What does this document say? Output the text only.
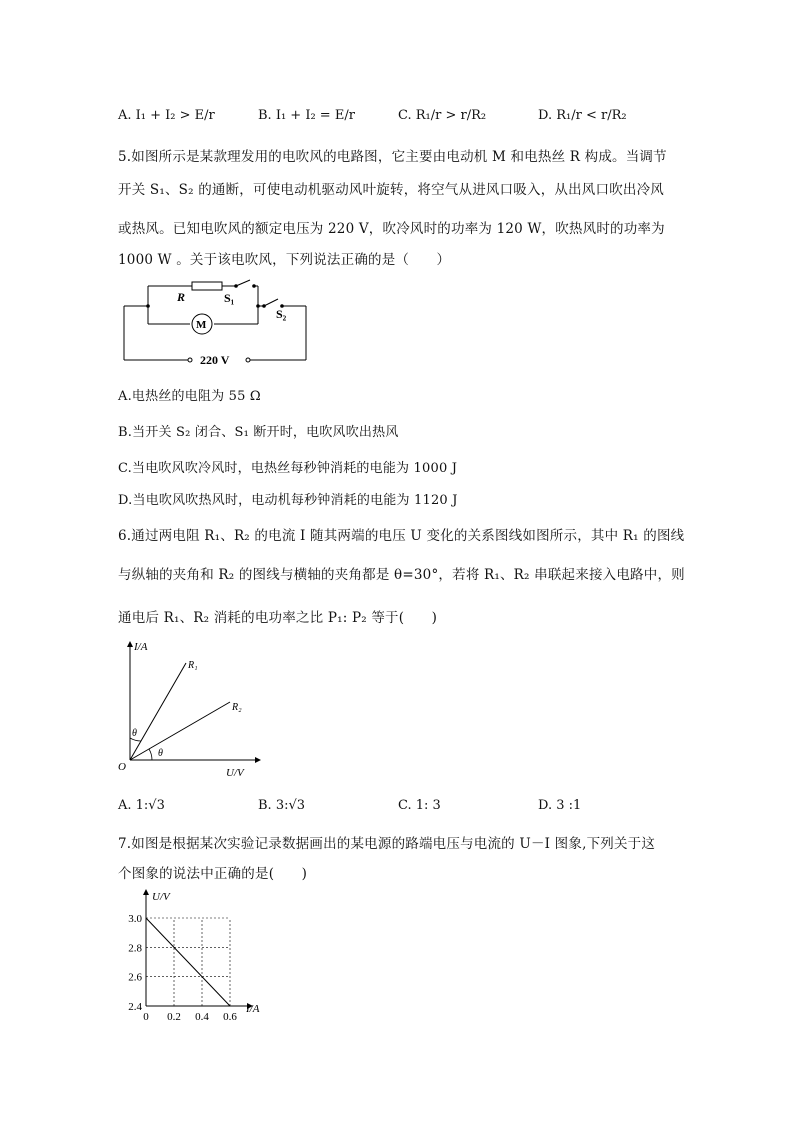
A. I₁ + I₂ > E/r	B. I₁ + I₂ = E/r	C. R₁/r > r/R₂	D. R₁/r < r/R₂
5.如图所示是某款理发用的电吹风的电路图，它主要由电动机 M 和电热丝 R 构成。当调节
开关 S₁、S₂ 的通断，可使电动机驱动风叶旋转，将空气从进风口吸入，从出风口吹出冷风
或热风。已知电吹风的额定电压为 220 V，吹冷风时的功率为 120 W，吹热风时的功率为
1000 W 。关于该电吹风，下列说法正确的是（　　）
R	S₁
S₂
M
220 V
A.电热丝的电阻为 55 Ω
B.当开关 S₂ 闭合、S₁ 断开时，电吹风吹出热风
C.当电吹风吹冷风时，电热丝每秒钟消耗的电能为 1000 J
D.当电吹风吹热风时，电动机每秒钟消耗的电能为 1120 J
6.通过两电阻 R₁、R₂ 的电流 I 随其两端的电压 U 变化的关系图线如图所示，其中 R₁ 的图线
与纵轴的夹角和 R₂ 的图线与横轴的夹角都是 θ=30°，若将 R₁、R₂ 串联起来接入电路中，则
通电后 R₁、R₂ 消耗的电功率之比 P₁: P₂ 等于(　　)
I/A
U/V
O
R₁
R₂
θ
θ
A. 1:√3	B. 3:√3	C. 1: 3	D. 3 :1
7.如图是根据某次实验记录数据画出的某电源的路端电压与电流的 U－I 图象,下列关于这
个图象的说法中正确的是(　　)
3.0
2.8
2.6
2.4
0 0.2 0.4 0.6
U/V
I/A
